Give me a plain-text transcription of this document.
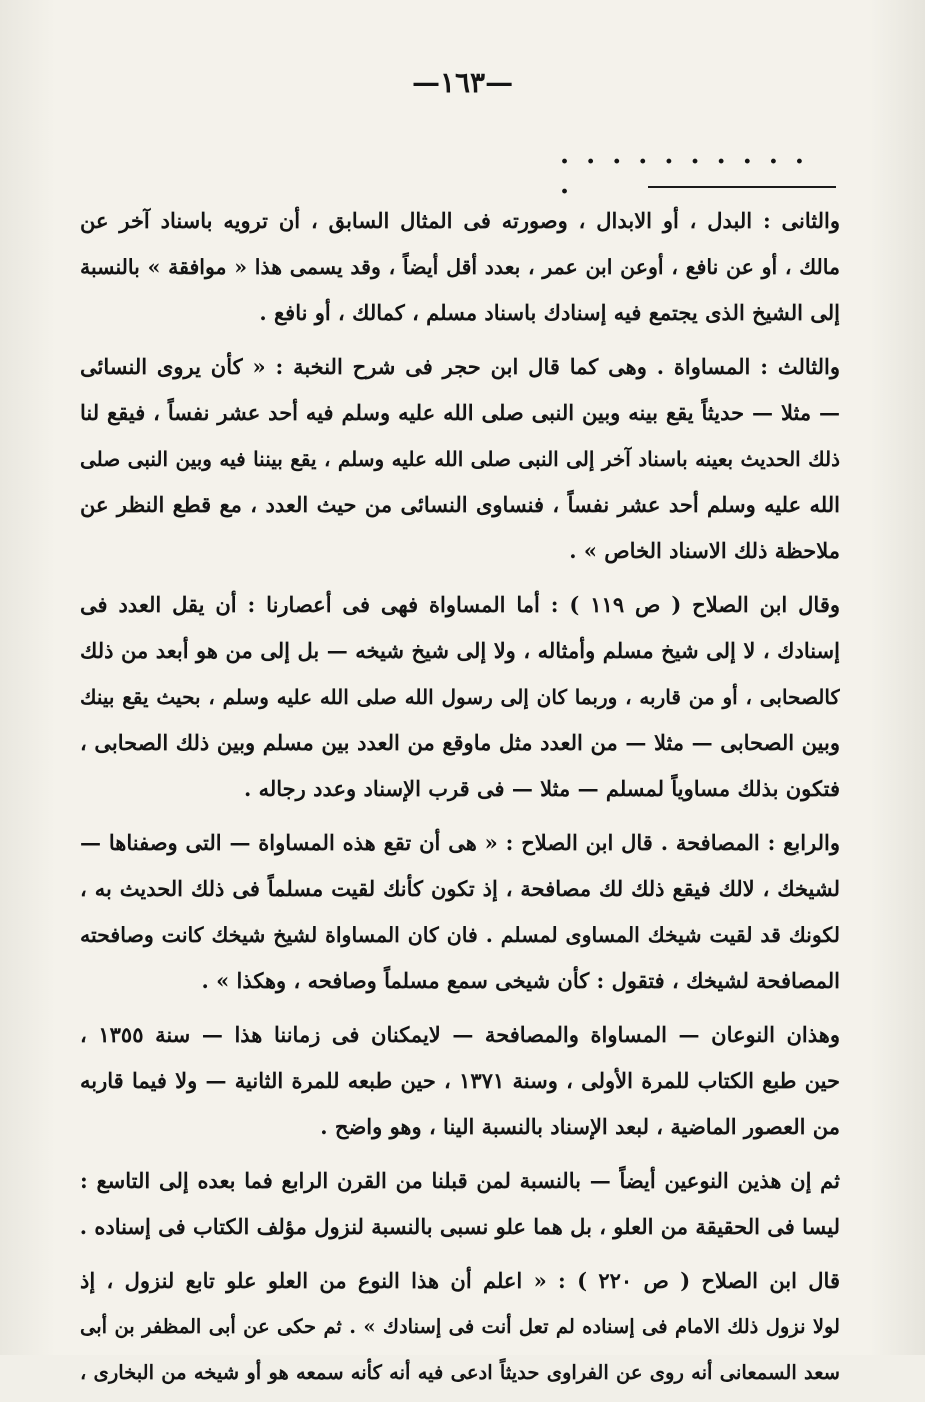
—١٦٣—
. . . . . . . . . . .
والثانى : البدل ، أو الابدال ، وصورته فى المثال السابق ، أن ترويه باسناد آخر عن
مالك ، أو عن نافع ، أوعن ابن عمر ، بعدد أقل أيضاً ، وقد يسمى هذا « موافقة » بالنسبة
إلى الشيخ الذى يجتمع فيه إسنادك باسناد مسلم ، كمالك ، أو نافع .
والثالث : المساواة . وهى كما قال ابن حجر فى شرح النخبة : « كأن يروى النسائى
— مثلا — حديثاً يقع بينه وبين النبى صلى الله عليه وسلم فيه أحد عشر نفساً ، فيقع لنا
ذلك الحديث بعينه باسناد آخر إلى النبى صلى الله عليه وسلم ، يقع بيننا فيه وبين النبى صلى
الله عليه وسلم أحد عشر نفساً ، فنساوى النسائى من حيث العدد ، مع قطع النظر عن
ملاحظة ذلك الاسناد الخاص » .
وقال ابن الصلاح ( ص ١١٩ ) : أما المساواة فهى فى أعصارنا : أن يقل العدد فى
إسنادك ، لا إلى شيخ مسلم وأمثاله ، ولا إلى شيخ شيخه — بل إلى من هو أبعد من ذلك
كالصحابى ، أو من قاربه ، وربما كان إلى رسول الله صلى الله عليه وسلم ، بحيث يقع بينك
وبين الصحابى — مثلا — من العدد مثل ماوقع من العدد بين مسلم وبين ذلك الصحابى ،
فتكون بذلك مساوياً لمسلم — مثلا — فى قرب الإسناد وعدد رجاله .
والرابع : المصافحة . قال ابن الصلاح : « هى أن تقع هذه المساواة — التى وصفناها —
لشيخك ، لالك فيقع ذلك لك مصافحة ، إذ تكون كأنك لقيت مسلماً فى ذلك الحديث به ،
لكونك قد لقيت شيخك المساوى لمسلم . فان كان المساواة لشيخ شيخك كانت وصافحته
المصافحة لشيخك ، فتقول : كأن شيخى سمع مسلماً وصافحه ، وهكذا » .
وهذان النوعان — المساواة والمصافحة — لايمكنان فى زماننا هذا — سنة ١٣٥٥ ،
حين طبع الكتاب للمرة الأولى ، وسنة ١٣٧١ ، حين طبعه للمرة الثانية — ولا فيما قاربه
من العصور الماضية ، لبعد الإسناد بالنسبة الينا ، وهو واضح .
ثم إن هذين النوعين أيضاً — بالنسبة لمن قبلنا من القرن الرابع فما بعده إلى التاسع :
ليسا فى الحقيقة من العلو ، بل هما علو نسبى بالنسبة لنزول مؤلف الكتاب فى إسناده .
قال ابن الصلاح ( ص ٢٢٠ ) : « اعلم أن هذا النوع من العلو علو تابع لنزول ، إذ
لولا نزول ذلك الامام فى إسناده لم تعل أنت فى إسنادك » . ثم حكى عن أبى المظفر بن أبى
سعد السمعانى أنه روى عن الفراوى حديثاً ادعى فيه أنه كأنه سمعه هو أو شيخه من البخارى ،
